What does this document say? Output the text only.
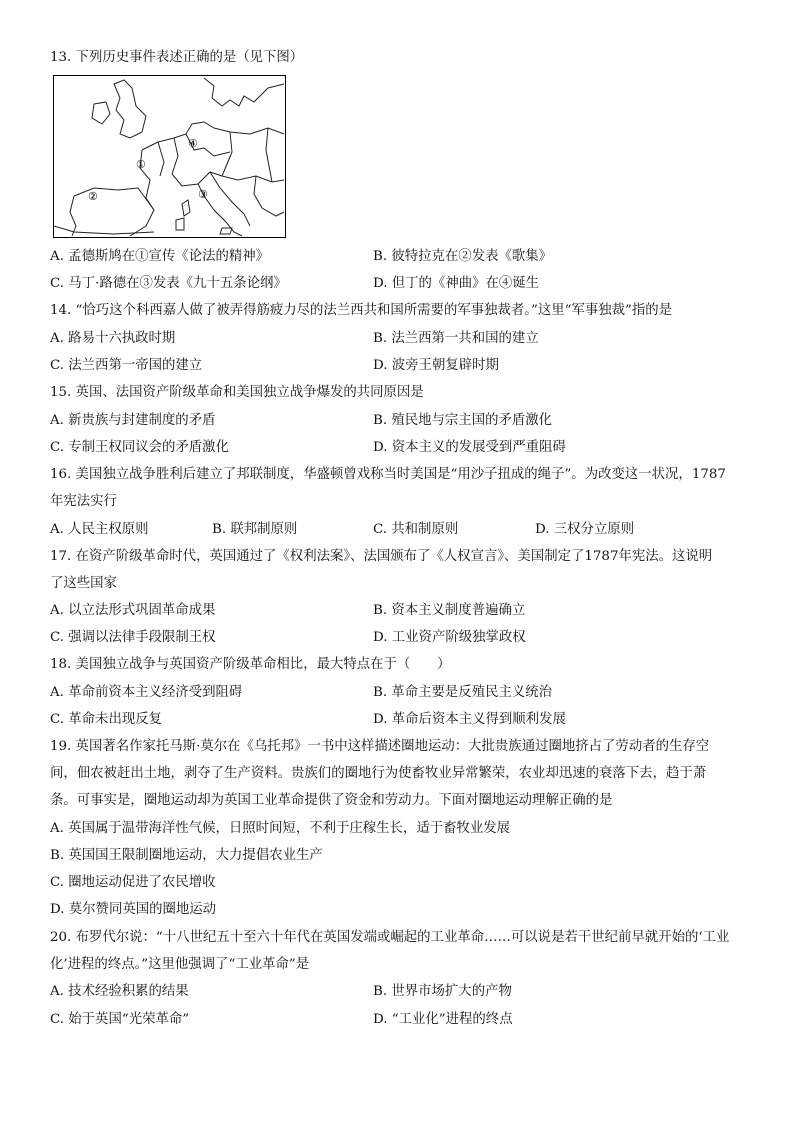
13. 下列历史事件表述正确的是（见下图）
①
②	③
④
A. 孟德斯鸠在①宣传《论法的精神》	B. 彼特拉克在②发表《歌集》
C. 马丁·路德在③发表《九十五条论纲》	D. 但丁的《神曲》在④诞生
14. “恰巧这个科西嘉人做了被弄得筋疲力尽的法兰西共和国所需要的军事独裁者。”这里“军事独裁”指的是
A. 路易十六执政时期	B. 法兰西第一共和国的建立
C. 法兰西第一帝国的建立	D. 波旁王朝复辟时期
15. 英国、法国资产阶级革命和美国独立战争爆发的共同原因是
A. 新贵族与封建制度的矛盾	B. 殖民地与宗主国的矛盾激化
C. 专制王权同议会的矛盾激化	D. 资本主义的发展受到严重阻碍
16. 美国独立战争胜利后建立了邦联制度，华盛顿曾戏称当时美国是“用沙子扭成的绳子”。为改变这一状况，1787
年宪法实行
A. 人民主权原则	B. 联邦制原则	C. 共和制原则	D. 三权分立原则
17. 在资产阶级革命时代，英国通过了《权利法案》、法国颁布了《人权宣言》、美国制定了1787年宪法。这说明
了这些国家
A. 以立法形式巩固革命成果	B. 资本主义制度普遍确立
C. 强调以法律手段限制王权	D. 工业资产阶级独掌政权
18. 美国独立战争与英国资产阶级革命相比，最大特点在于（　　）
A. 革命前资本主义经济受到阻碍	B. 革命主要是反殖民主义统治
C. 革命未出现反复	D. 革命后资本主义得到顺利发展
19. 英国著名作家托马斯·莫尔在《乌托邦》一书中这样描述圈地运动：大批贵族通过圈地挤占了劳动者的生存空
间，佃农被赶出土地，剥夺了生产资料。贵族们的圈地行为使畜牧业异常繁荣，农业却迅速的衰落下去，趋于萧
条。可事实是，圈地运动却为英国工业革命提供了资金和劳动力。下面对圈地运动理解正确的是
A. 英国属于温带海洋性气候，日照时间短，不利于庄稼生长，适于畜牧业发展
B. 英国国王限制圈地运动，大力提倡农业生产
C. 圈地运动促进了农民增收
D. 莫尔赞同英国的圈地运动
20. 布罗代尔说：“十八世纪五十至六十年代在英国发端或崛起的工业革命……可以说是若干世纪前早就开始的‘工业
化’进程的终点。”这里他强调了“工业革命”是
A. 技术经验积累的结果	B. 世界市场扩大的产物
C. 始于英国“光荣革命”	D. “工业化”进程的终点
